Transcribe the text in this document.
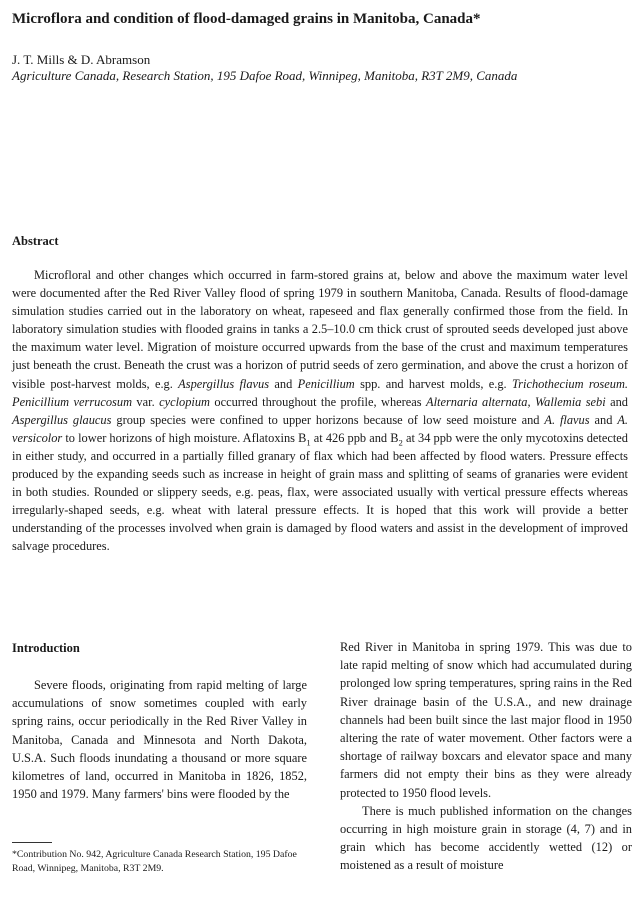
Microflora and condition of flood-damaged grains in Manitoba, Canada*
J. T. Mills & D. Abramson
Agriculture Canada, Research Station, 195 Dafoe Road, Winnipeg, Manitoba, R3T 2M9, Canada
Abstract

Microfloral and other changes which occurred in farm-stored grains at, below and above the maximum water level were documented after the Red River Valley flood of spring 1979 in southern Manitoba, Canada. Results of flood-damage simulation studies carried out in the laboratory on wheat, rapeseed and flax generally confirmed those from the field. In laboratory simulation studies with flooded grains in tanks a 2.5–10.0 cm thick crust of sprouted seeds developed just above the maximum water level. Migration of moisture occurred upwards from the base of the crust and maximum temperatures just beneath the crust. Beneath the crust was a horizon of putrid seeds of zero germination, and above the crust a horizon of visible post-harvest molds, e.g. Aspergillus flavus and Penicillium spp. and harvest molds, e.g. Trichothecium roseum. Penicillium verrucosum var. cyclopium occurred throughout the profile, whereas Alternaria alternata, Wallemia sebi and Aspergillus glaucus group species were confined to upper horizons because of low seed moisture and A. flavus and A. versicolor to lower horizons of high moisture. Aflatoxins $B_1$ at 426 ppb and $B_2$ at 34 ppb were the only mycotoxins detected in either study, and occurred in a partially filled granary of flax which had been affected by flood waters. Pressure effects produced by the expanding seeds such as increase in height of grain mass and splitting of seams of granaries were evident in both studies. Rounded or slippery seeds, e.g. peas, flax, were associated usually with vertical pressure effects whereas irregularly-shaped seeds, e.g. wheat with lateral pressure effects. It is hoped that this work will provide a better understanding of the processes involved when grain is damaged by flood waters and assist in the development of improved salvage procedures.

Introduction

Severe floods, originating from rapid melting of large accumulations of snow sometimes coupled with early spring rains, occur periodically in the Red River Valley in Manitoba, Canada and Minnesota and North Dakota, U.S.A. Such floods inundating a thousand or more square kilometres of land, occurred in Manitoba in 1826, 1852, 1950 and 1979. Many farmers' bins were flooded by the

Red River in Manitoba in spring 1979. This was due to late rapid melting of snow which had accumulated during prolonged low spring temperatures, spring rains in the Red River drainage basin of the U.S.A., and new drainage channels had been built since the last major flood in 1950 altering the rate of water movement. Other factors were a shortage of railway boxcars and elevator space and many farmers did not empty their bins as they were already protected to 1950 flood levels.

There is much published information on the changes occurring in high moisture grain in storage (4, 7) and in grain which has become accidently wetted (12) or moistened as a result of moisture

*Contribution No. 942, Agriculture Canada Research Station, 195 Dafoe Road, Winnipeg, Manitoba, R3T 2M9.
